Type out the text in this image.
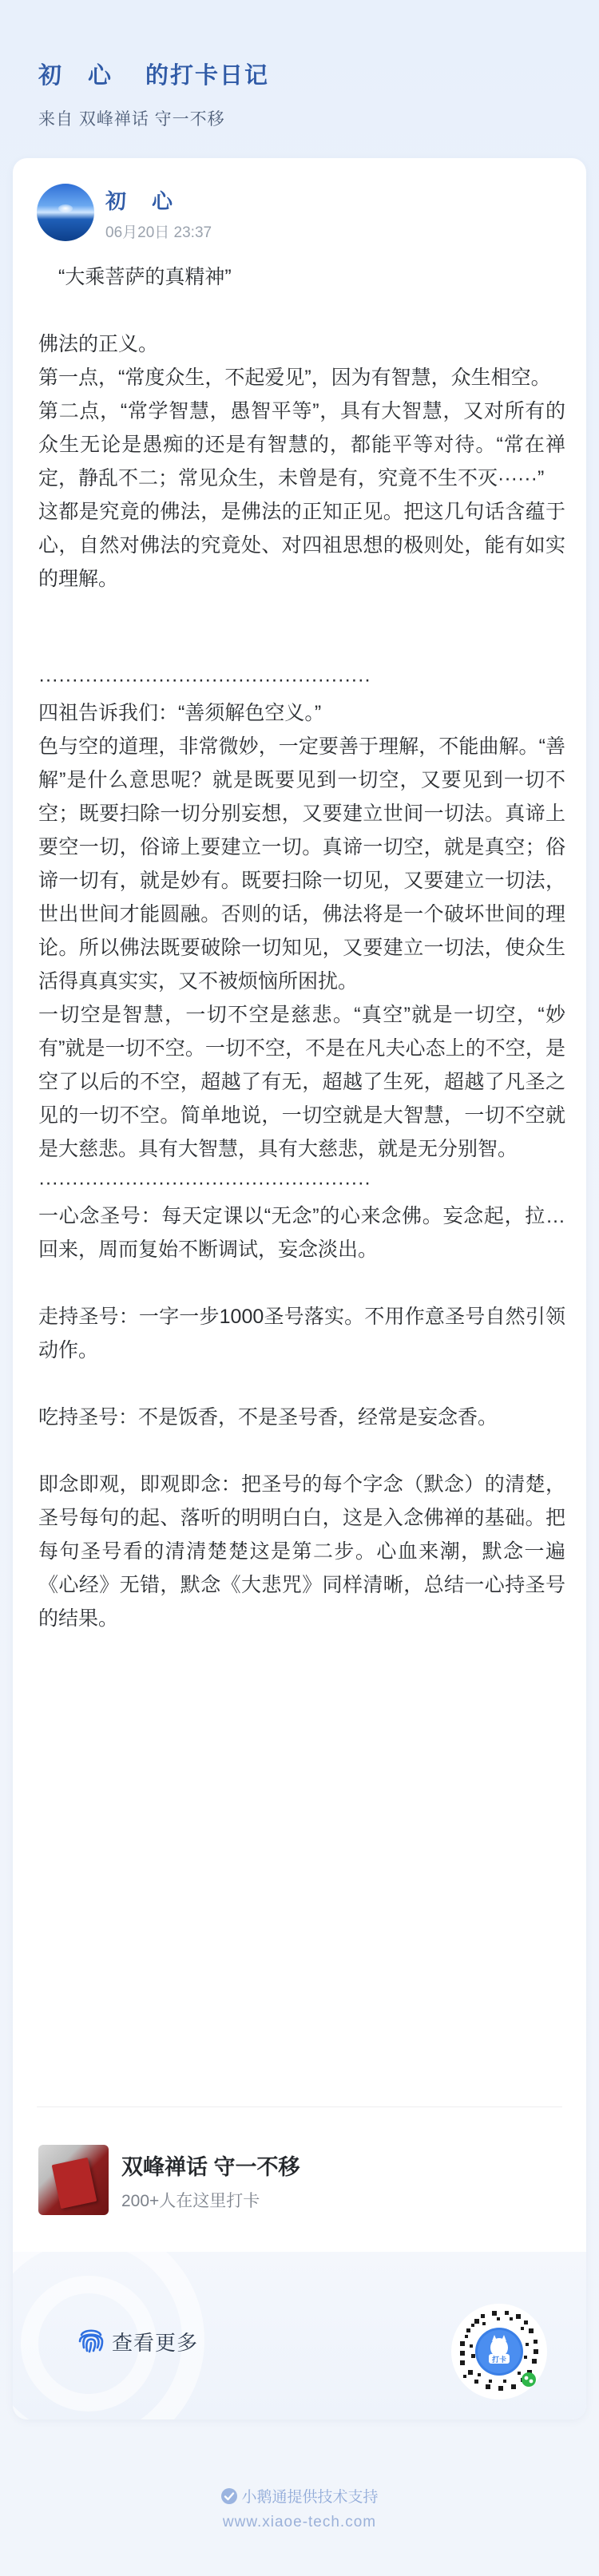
初　心　 的打卡日记
来自 双峰禅话 守一不移
初　心
06月20日 23:37

　“大乘菩萨的真精神”

佛法的正义。

第一点，“常度众生，不起爱见”，因为有智慧，众生相空。

第二点，“常学智慧，愚智平等”，具有大智慧，又对所有的众生无论是愚痴的还是有智慧的，都能平等对待。“常在禅定，静乱不二；常见众生，未曾是有，究竟不生不灭······”

这都是究竟的佛法，是佛法的正知正见。把这几句话含蕴于心，自然对佛法的究竟处、对四祖思想的极则处，能有如实的理解。

··················································

四祖告诉我们：“善须解色空义。”

色与空的道理，非常微妙，一定要善于理解，不能曲解。“善解”是什么意思呢？就是既要见到一切空，又要见到一切不空；既要扫除一切分别妄想，又要建立世间一切法。真谛上要空一切，俗谛上要建立一切。真谛一切空，就是真空；俗谛一切有，就是妙有。既要扫除一切见，又要建立一切法，世出世间才能圆融。否则的话，佛法将是一个破坏世间的理论。所以佛法既要破除一切知见，又要建立一切法，使众生活得真真实实，又不被烦恼所困扰。

一切空是智慧，一切不空是慈悲。“真空”就是一切空，“妙有”就是一切不空。一切不空，不是在凡夫心态上的不空，是空了以后的不空，超越了有无，超越了生死，超越了凡圣之见的一切不空。简单地说，一切空就是大智慧，一切不空就是大慈悲。具有大智慧，具有大慈悲，就是无分别智。

··················································

一心念圣号：每天定课以“无念”的心来念佛。妄念起，拉…回来，周而复始不断调试，妄念淡出。

走持圣号：一字一步1000圣号落实。不用作意圣号自然引领动作。

吃持圣号：不是饭香，不是圣号香，经常是妄念香。

即念即观，即观即念：把圣号的每个字念（默念）的清楚，圣号每句的起、落听的明明白白，这是入念佛禅的基础。把每句圣号看的清清楚楚这是第二步。心血来潮，默念一遍《心经》无错，默念《大悲咒》同样清晰，总结一心持圣号的结果。

双峰禅话 守一不移
200+人在这里打卡
查看更多
打卡
小鹅通提供技术支持
www.xiaoe-tech.com
